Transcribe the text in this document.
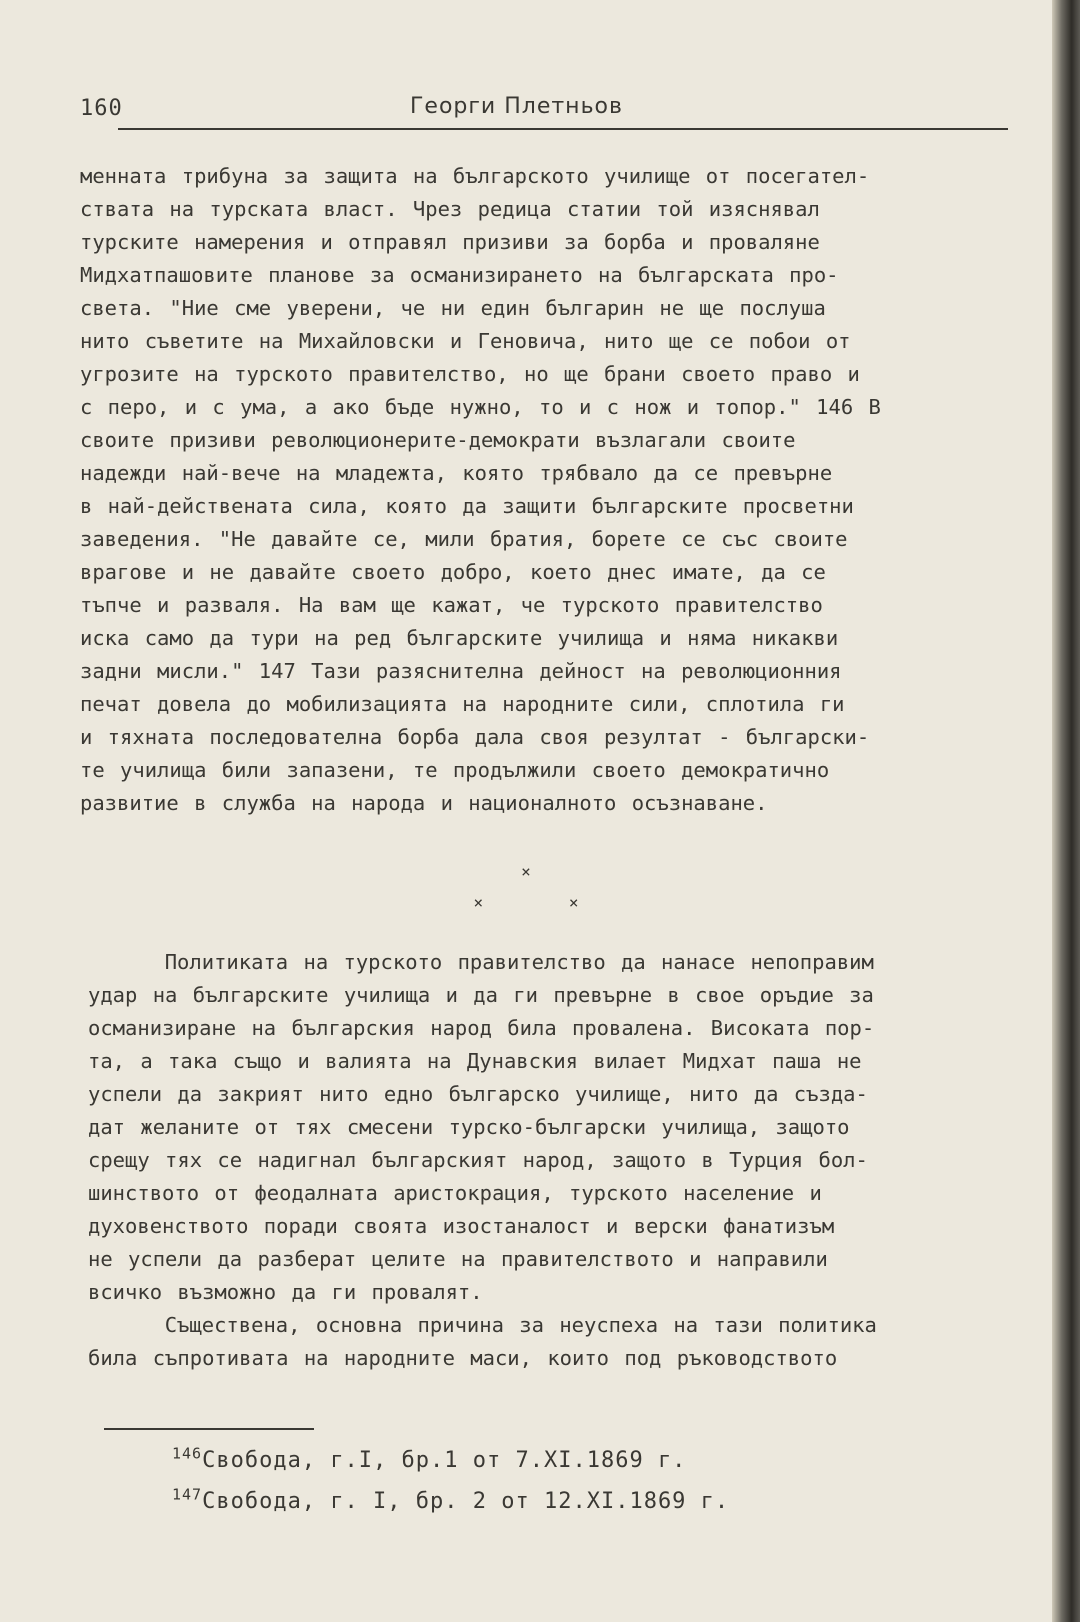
160	Георги Плетньов
менната трибуна за защита на българското училище от посегател-
ствата на турската власт. Чрез редица статии той изяснявал
турските намерения и отправял призиви за борба и проваляне
Мидхатпашовите планове за османизирането на българската про-
света. "Ние сме уверени, че ни един българин не ще послуша
нито съветите на Михайловски и Геновича, нито ще се побои от
угрозите на турското правителство, но ще брани своето право и
с перо, и с ума, а ако бъде нужно, то и с нож и топор." 146 В
своите призиви революционерите-демократи възлагали своите
надежди най-вече на младежта, която трябвало да се превърне
в най-действената сила, която да защити българските просветни
заведения. "Не давайте се, мили братия, борете се със своите
врагове и не давайте своето добро, което днес имате, да се
тъпче и разваля. На вам ще кажат, че турското правителство
иска само да тури на ред българските училища и няма никакви
задни мисли." 147 Тази разяснителна дейност на революционния
печат довела до мобилизацията на народните сили, сплотила ги
и тяхната последователна борба дала своя резултат - български-
те училища били запазени, те продължили своето демократично
развитие в служба на народа и националното осъзнаване.
×
×	×
Политиката на турското правителство да нанасе непоправим
удар на българските училища и да ги превърне в свое оръдие за
османизиране на българския народ била провалена. Високата пор-
та, а така също и валията на Дунавския вилает Мидхат паша не
успели да закрият нито едно българско училище, нито да създа-
дат желаните от тях смесени турско-български училища, защото
срещу тях се надигнал българският народ, защото в Турция бол-
шинството от феодалната аристокрация, турското население и
духовенството поради своята изостаналост и верски фанатизъм
не успели да разберат целите на правителството и направили
всичко възможно да ги провалят.
Съществена, основна причина за неуспеха на тази политика
била съпротивата на народните маси, които под ръководството
$^{146}$Свобода, г.I, бр.1 от 7.XI.1869 г.
$^{147}$Свобода, г. I, бр. 2 от 12.XI.1869 г.
